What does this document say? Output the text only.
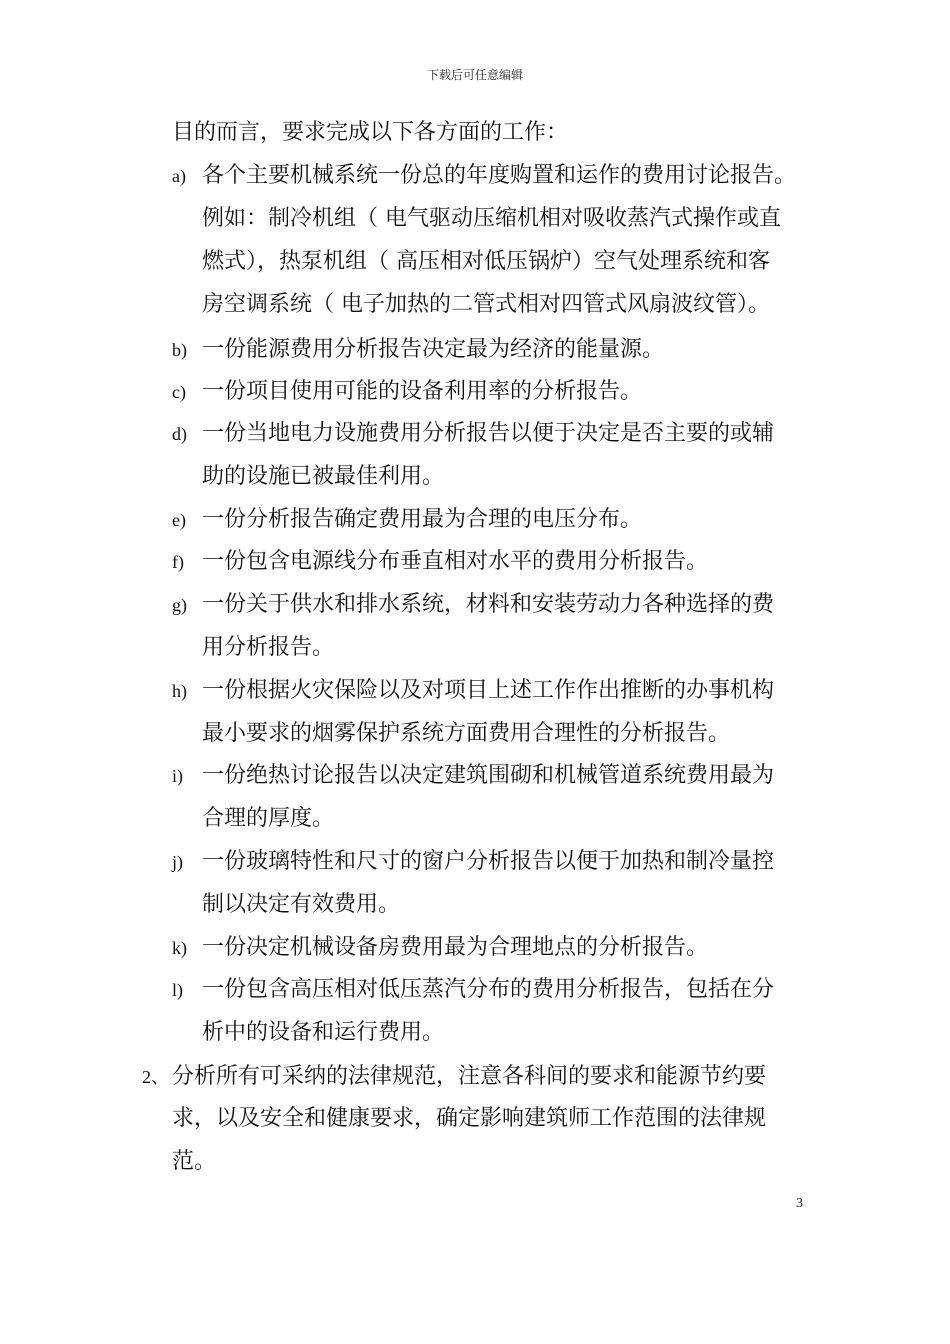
下载后可任意编辑
目的而言，要求完成以下各方面的工作：
a) 各个主要机械系统一份总的年度购置和运作的费用讨论报告。
例如：制冷机组（ 电气驱动压缩机相对吸收蒸汽式操作或直
燃式），热泵机组（ 高压相对低压锅炉）空气处理系统和客
房空调系统（ 电子加热的二管式相对四管式风扇波纹管）。
b) 一份能源费用分析报告决定最为经济的能量源。
c) 一份项目使用可能的设备利用率的分析报告。
d) 一份当地电力设施费用分析报告以便于决定是否主要的或辅
助的设施已被最佳利用。
e) 一份分析报告确定费用最为合理的电压分布。
f) 一份包含电源线分布垂直相对水平的费用分析报告。
g) 一份关于供水和排水系统，材料和安装劳动力各种选择的费
用分析报告。
h) 一份根据火灾保险以及对项目上述工作作出推断的办事机构
最小要求的烟雾保护系统方面费用合理性的分析报告。
i) 一份绝热讨论报告以决定建筑围砌和机械管道系统费用最为
合理的厚度。
j) 一份玻璃特性和尺寸的窗户分析报告以便于加热和制冷量控
制以决定有效费用。
k) 一份决定机械设备房费用最为合理地点的分析报告。
l) 一份包含高压相对低压蒸汽分布的费用分析报告，包括在分
析中的设备和运行费用。
2、 分析所有可采纳的法律规范，注意各科间的要求和能源节约要
求，以及安全和健康要求，确定影响建筑师工作范围的法律规
范。
3
